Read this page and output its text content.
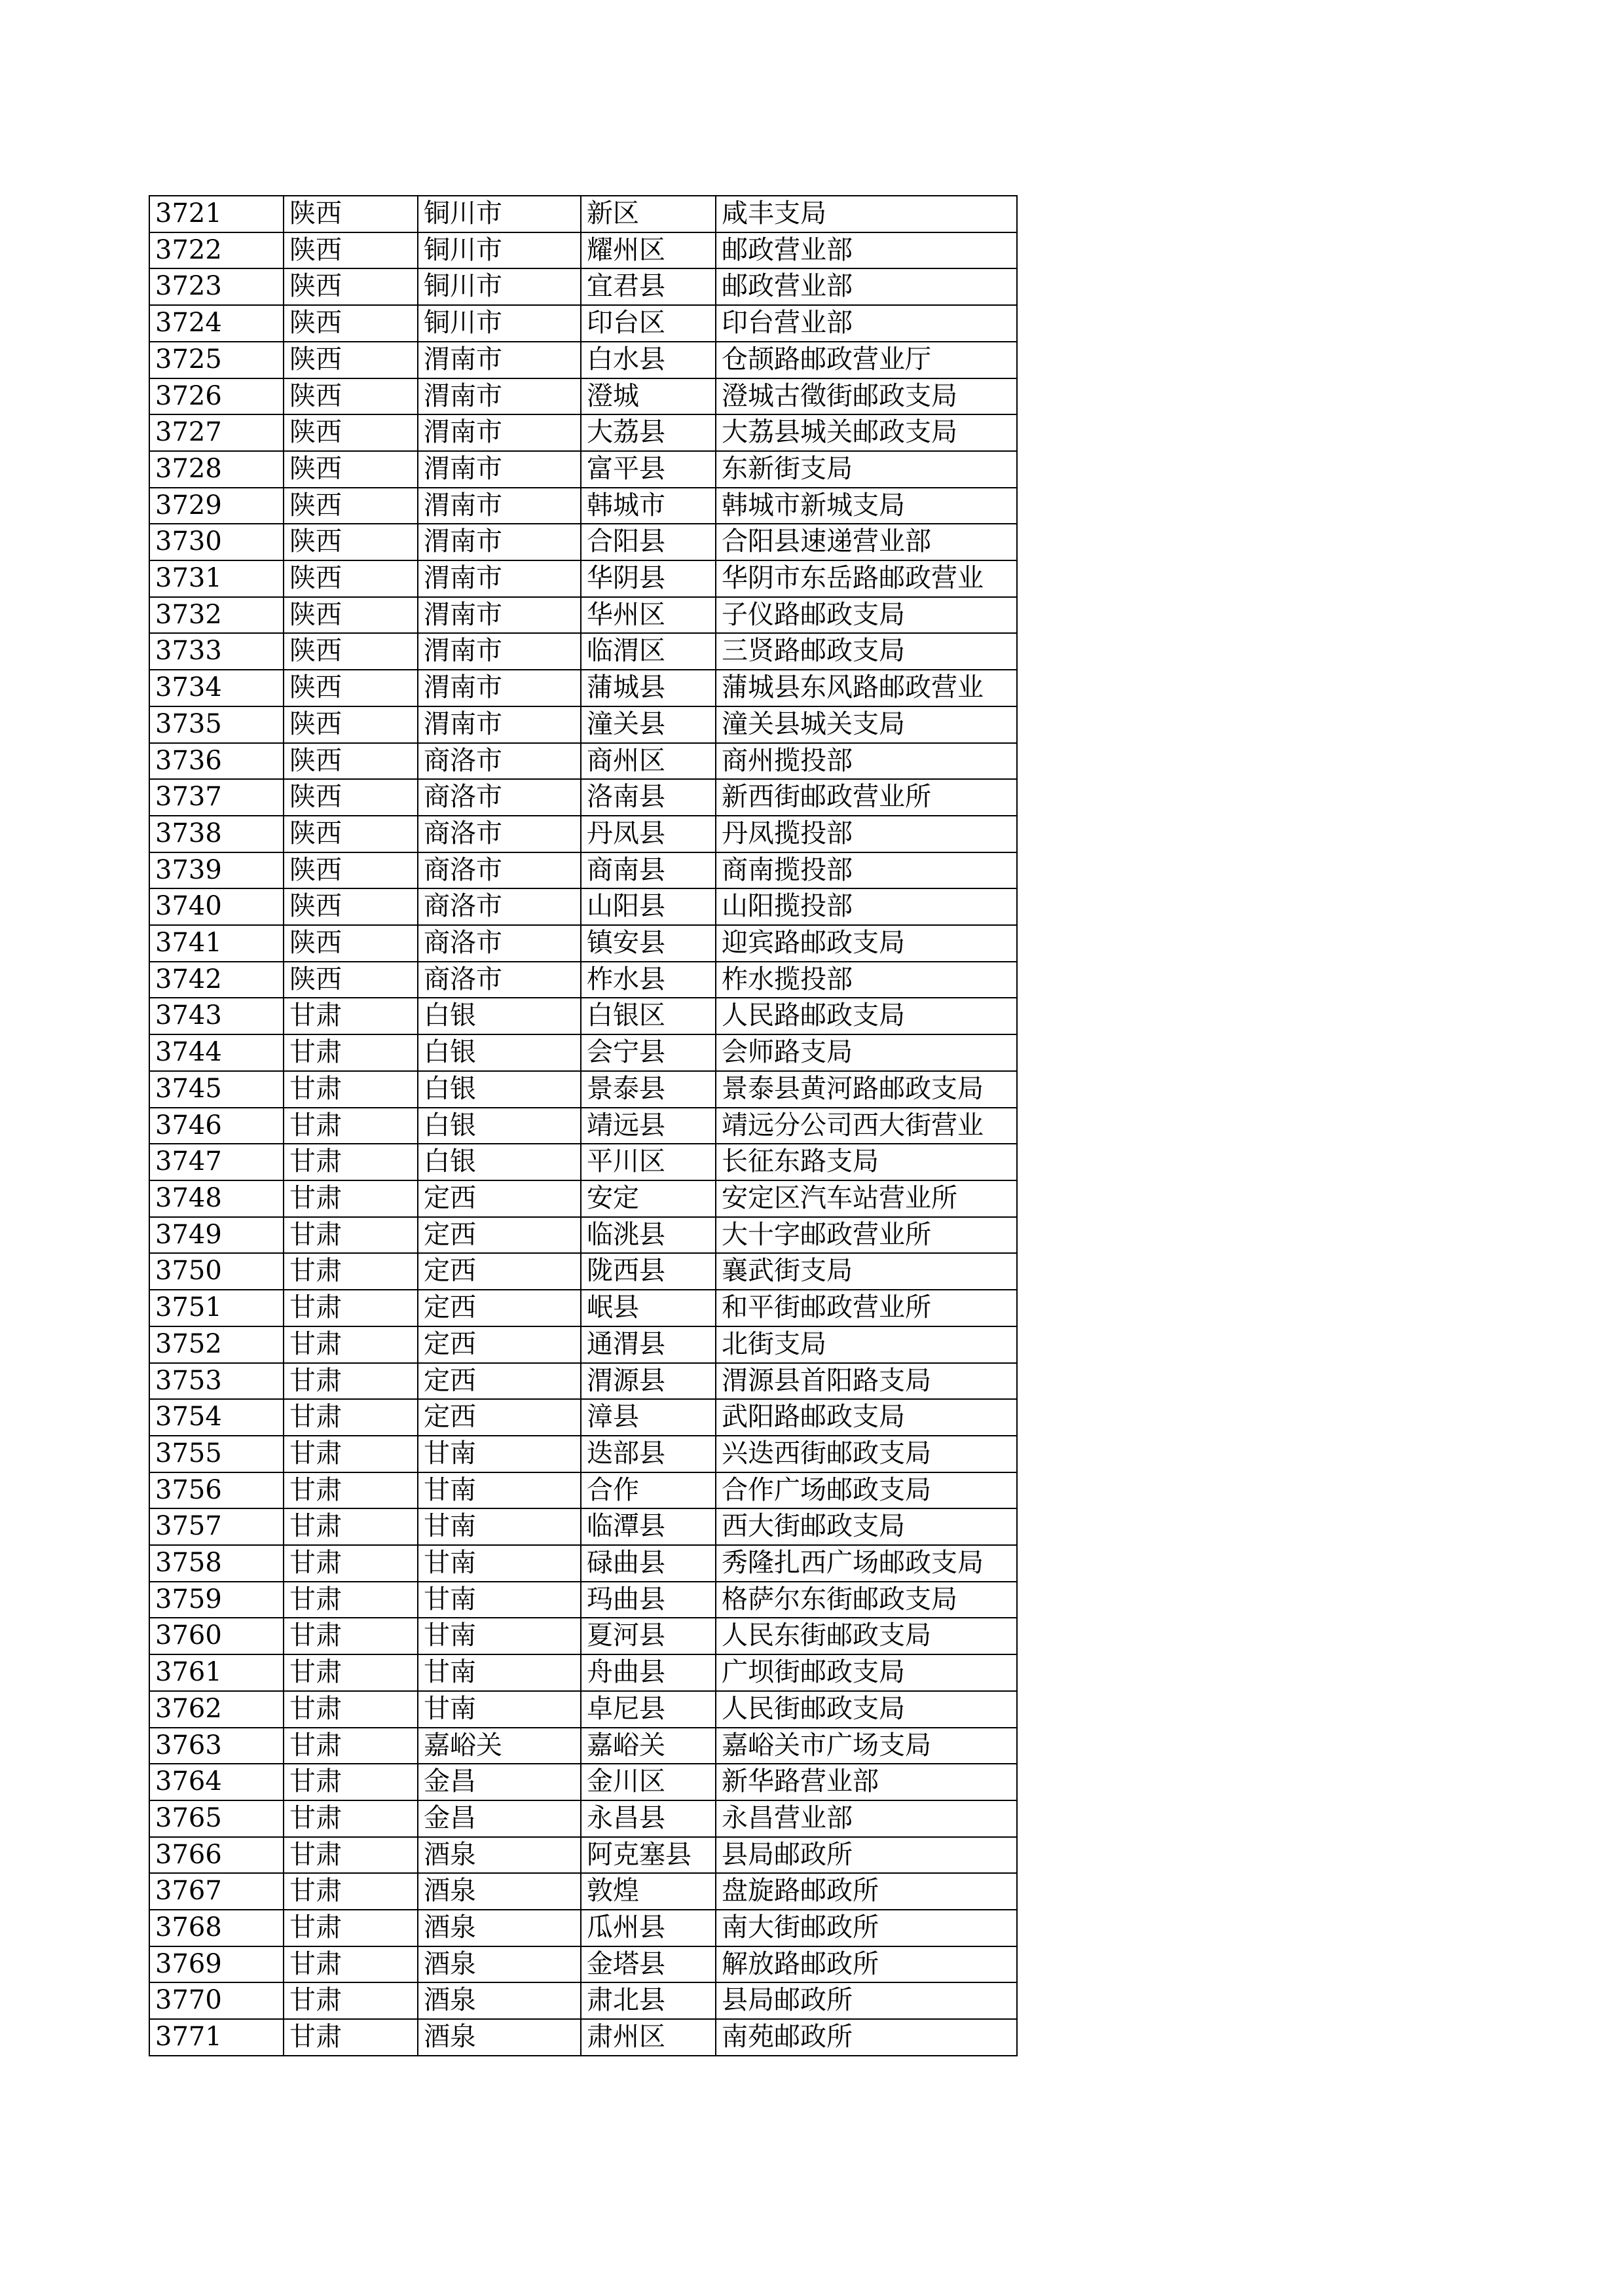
3721	陕西	铜川市	新区	咸丰支局
3722	陕西	铜川市	耀州区	邮政营业部
3723	陕西	铜川市	宜君县	邮政营业部
3724	陕西	铜川市	印台区	印台营业部
3725	陕西	渭南市	白水县	仓颉路邮政营业厅
3726	陕西	渭南市	澄城	澄城古徵街邮政支局
3727	陕西	渭南市	大荔县	大荔县城关邮政支局
3728	陕西	渭南市	富平县	东新街支局
3729	陕西	渭南市	韩城市	韩城市新城支局
3730	陕西	渭南市	合阳县	合阳县速递营业部
3731	陕西	渭南市	华阴县	华阴市东岳路邮政营业
3732	陕西	渭南市	华州区	子仪路邮政支局
3733	陕西	渭南市	临渭区	三贤路邮政支局
3734	陕西	渭南市	蒲城县	蒲城县东风路邮政营业
3735	陕西	渭南市	潼关县	潼关县城关支局
3736	陕西	商洛市	商州区	商州揽投部
3737	陕西	商洛市	洛南县	新西街邮政营业所
3738	陕西	商洛市	丹凤县	丹凤揽投部
3739	陕西	商洛市	商南县	商南揽投部
3740	陕西	商洛市	山阳县	山阳揽投部
3741	陕西	商洛市	镇安县	迎宾路邮政支局
3742	陕西	商洛市	柞水县	柞水揽投部
3743	甘肃	白银	白银区	人民路邮政支局
3744	甘肃	白银	会宁县	会师路支局
3745	甘肃	白银	景泰县	景泰县黄河路邮政支局
3746	甘肃	白银	靖远县	靖远分公司西大街营业
3747	甘肃	白银	平川区	长征东路支局
3748	甘肃	定西	安定	安定区汽车站营业所
3749	甘肃	定西	临洮县	大十字邮政营业所
3750	甘肃	定西	陇西县	襄武街支局
3751	甘肃	定西	岷县	和平街邮政营业所
3752	甘肃	定西	通渭县	北街支局
3753	甘肃	定西	渭源县	渭源县首阳路支局
3754	甘肃	定西	漳县	武阳路邮政支局
3755	甘肃	甘南	迭部县	兴迭西街邮政支局
3756	甘肃	甘南	合作	合作广场邮政支局
3757	甘肃	甘南	临潭县	西大街邮政支局
3758	甘肃	甘南	碌曲县	秀隆扎西广场邮政支局
3759	甘肃	甘南	玛曲县	格萨尔东街邮政支局
3760	甘肃	甘南	夏河县	人民东街邮政支局
3761	甘肃	甘南	舟曲县	广坝街邮政支局
3762	甘肃	甘南	卓尼县	人民街邮政支局
3763	甘肃	嘉峪关	嘉峪关	嘉峪关市广场支局
3764	甘肃	金昌	金川区	新华路营业部
3765	甘肃	金昌	永昌县	永昌营业部
3766	甘肃	酒泉	阿克塞县	县局邮政所
3767	甘肃	酒泉	敦煌	盘旋路邮政所
3768	甘肃	酒泉	瓜州县	南大街邮政所
3769	甘肃	酒泉	金塔县	解放路邮政所
3770	甘肃	酒泉	肃北县	县局邮政所
3771	甘肃	酒泉	肃州区	南苑邮政所
